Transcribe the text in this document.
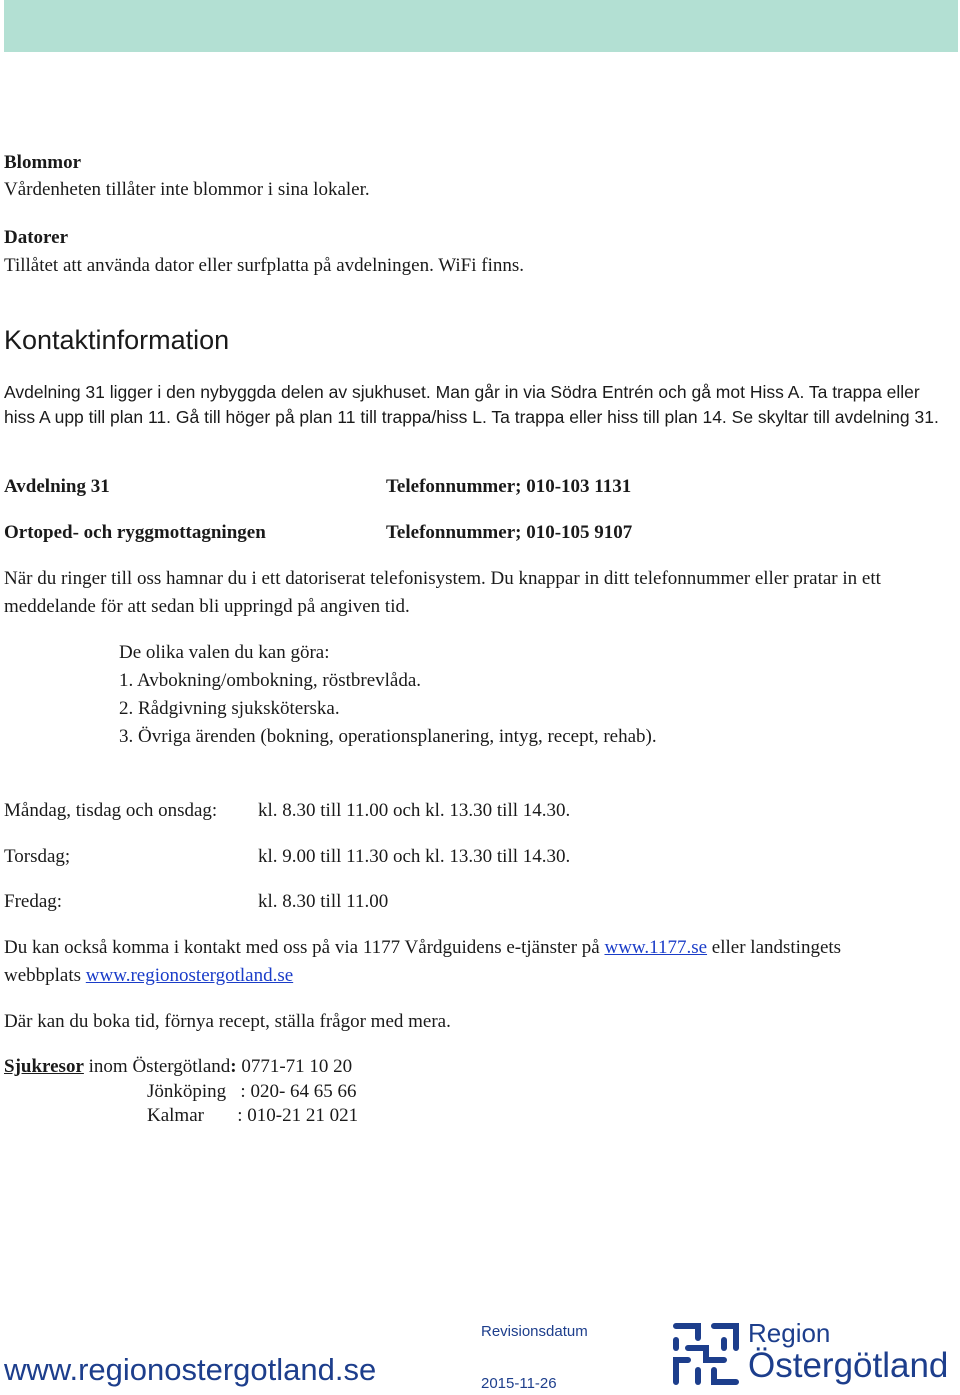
Blommor
Vårdenheten tillåter inte blommor i sina lokaler.
Datorer
Tillåtet att använda dator eller surfplatta på avdelningen. WiFi finns.
Kontaktinformation
Avdelning 31 ligger i den nybyggda delen av sjukhuset. Man går in via Södra Entrén och gå mot Hiss A. Ta trappa eller hiss A upp till plan 11. Gå till höger på plan 11 till trappa/hiss L. Ta trappa eller hiss till plan 14. Se skyltar till avdelning 31.
Avdelning 31	Telefonnummer; 010-103 1131
Ortoped- och ryggmottagningen	Telefonnummer; 010-105 9107
När du ringer till oss hamnar du i ett datoriserat telefonisystem. Du knappar in ditt telefonnummer eller pratar in ett meddelande för att sedan bli uppringd på angiven tid.
De olika valen du kan göra:
1. Avbokning/ombokning, röstbrevlåda.
2. Rådgivning sjuksköterska.
3. Övriga ärenden (bokning, operationsplanering, intyg, recept, rehab).
Måndag, tisdag och onsdag: kl. 8.30 till 11.00 och kl. 13.30 till 14.30.
Torsdag;	kl. 9.00 till 11.30 och kl. 13.30 till 14.30.
Fredag:	kl. 8.30 till 11.00
Du kan också komma i kontakt med oss på via 1177 Vårdguidens e-tjänster på www.1177.se eller landstingets
webbplats www.regionostergotland.se
Där kan du boka tid, förnya recept, ställa frågor med mera.
Sjukresor inom Östergötland: 0771-71 10 20
Jönköping   : 020- 64 65 66
Kalmar       : 010-21 21 021
www.regionostergotland.se
Revisionsdatum
2015-11-26
Region
Östergötland
